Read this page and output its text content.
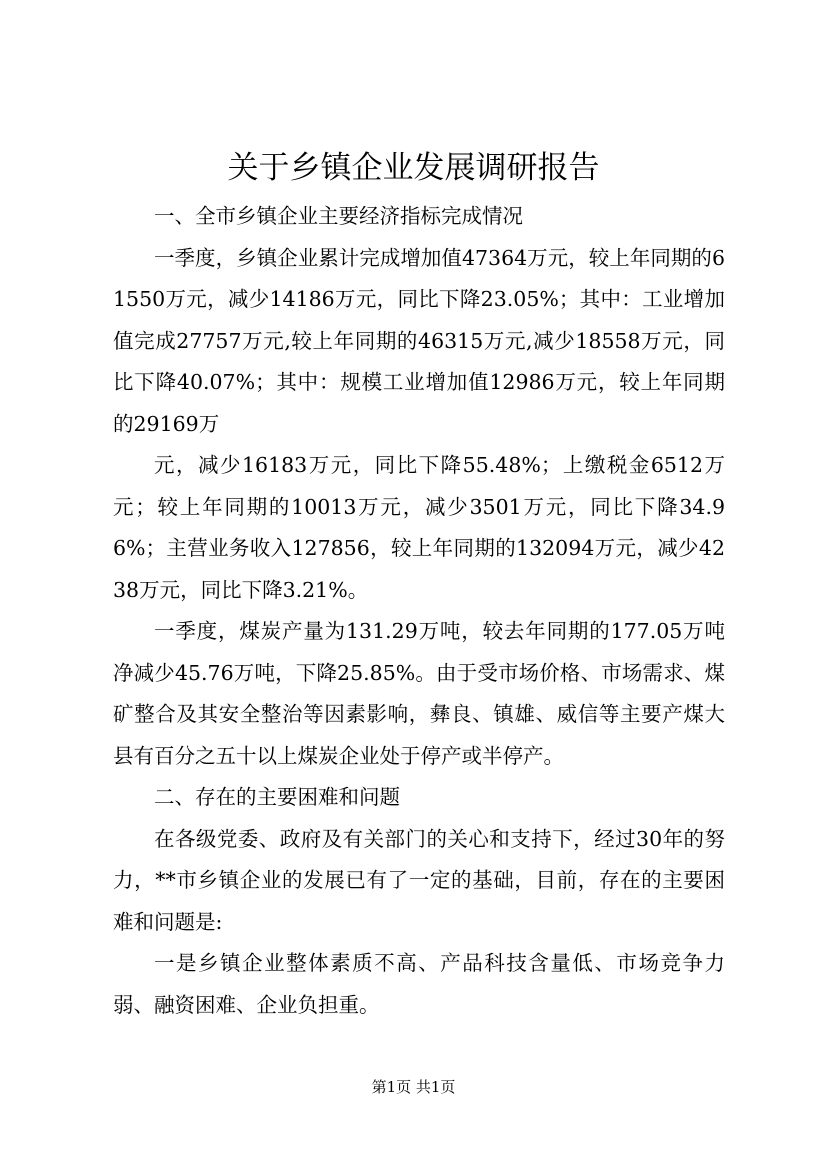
关于乡镇企业发展调研报告

一、全市乡镇企业主要经济指标完成情况

一季度，乡镇企业累计完成增加值47364万元，较上年同期的61550万元，减少14186万元，同比下降23.05%；其中：工业增加值完成27757万元,较上年同期的46315万元,减少18558万元，同比下降40.07%；其中：规模工业增加值12986万元，较上年同期的29169万

元，减少16183万元，同比下降55.48%；上缴税金6512万元；较上年同期的10013万元，减少3501万元，同比下降34.96%；主营业务收入127856，较上年同期的132094万元，减少4238万元，同比下降3.21%。

一季度，煤炭产量为131.29万吨，较去年同期的177.05万吨净减少45.76万吨，下降25.85%。由于受市场价格、市场需求、煤矿整合及其安全整治等因素影响，彝良、镇雄、威信等主要产煤大县有百分之五十以上煤炭企业处于停产或半停产。

二、存在的主要困难和问题

在各级党委、政府及有关部门的关心和支持下，经过30年的努力，**市乡镇企业的发展已有了一定的基础，目前，存在的主要困难和问题是:

一是乡镇企业整体素质不高、产品科技含量低、市场竞争力弱、融资困难、企业负担重。

第1页 共1页
